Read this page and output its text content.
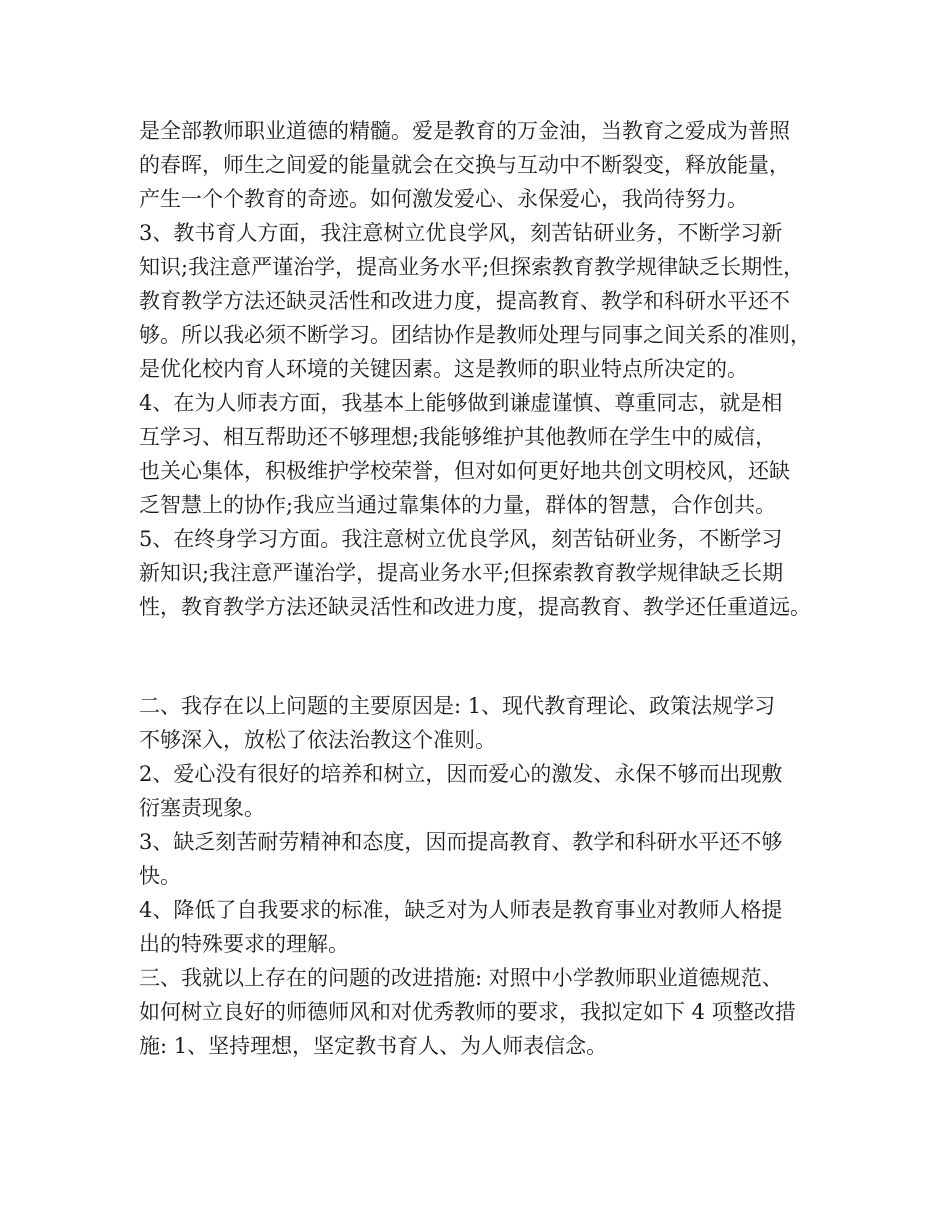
是全部教师职业道德的精髓。爱是教育的万金油，当教育之爱成为普照
的春晖，师生之间爱的能量就会在交换与互动中不断裂变，释放能量，
产生一个个教育的奇迹。如何激发爱心、永保爱心，我尚待努力。
3、教书育人方面，我注意树立优良学风，刻苦钻研业务，不断学习新
知识;我注意严谨治学，提高业务水平;但探索教育教学规律缺乏长期性，
教育教学方法还缺灵活性和改进力度，提高教育、教学和科研水平还不
够。所以我必须不断学习。团结协作是教师处理与同事之间关系的准则，
是优化校内育人环境的关键因素。这是教师的职业特点所决定的。
4、在为人师表方面，我基本上能够做到谦虚谨慎、尊重同志，就是相
互学习、相互帮助还不够理想;我能够维护其他教师在学生中的威信，
也关心集体，积极维护学校荣誉，但对如何更好地共创文明校风，还缺
乏智慧上的协作;我应当通过靠集体的力量，群体的智慧，合作创共。
5、在终身学习方面。我注意树立优良学风，刻苦钻研业务，不断学习
新知识;我注意严谨治学，提高业务水平;但探索教育教学规律缺乏长期
性，教育教学方法还缺灵活性和改进力度，提高教育、教学还任重道远。
二、我存在以上问题的主要原因是: 1、现代教育理论、政策法规学习
不够深入，放松了依法治教这个准则。
2、爱心没有很好的培养和树立，因而爱心的激发、永保不够而出现敷
衍塞责现象。
3、缺乏刻苦耐劳精神和态度，因而提高教育、教学和科研水平还不够
快。
4、降低了自我要求的标准，缺乏对为人师表是教育事业对教师人格提
出的特殊要求的理解。
三、我就以上存在的问题的改进措施: 对照中小学教师职业道德规范、
如何树立良好的师德师风和对优秀教师的要求，我拟定如下 4 项整改措
施: 1、坚持理想，坚定教书育人、为人师表信念。
